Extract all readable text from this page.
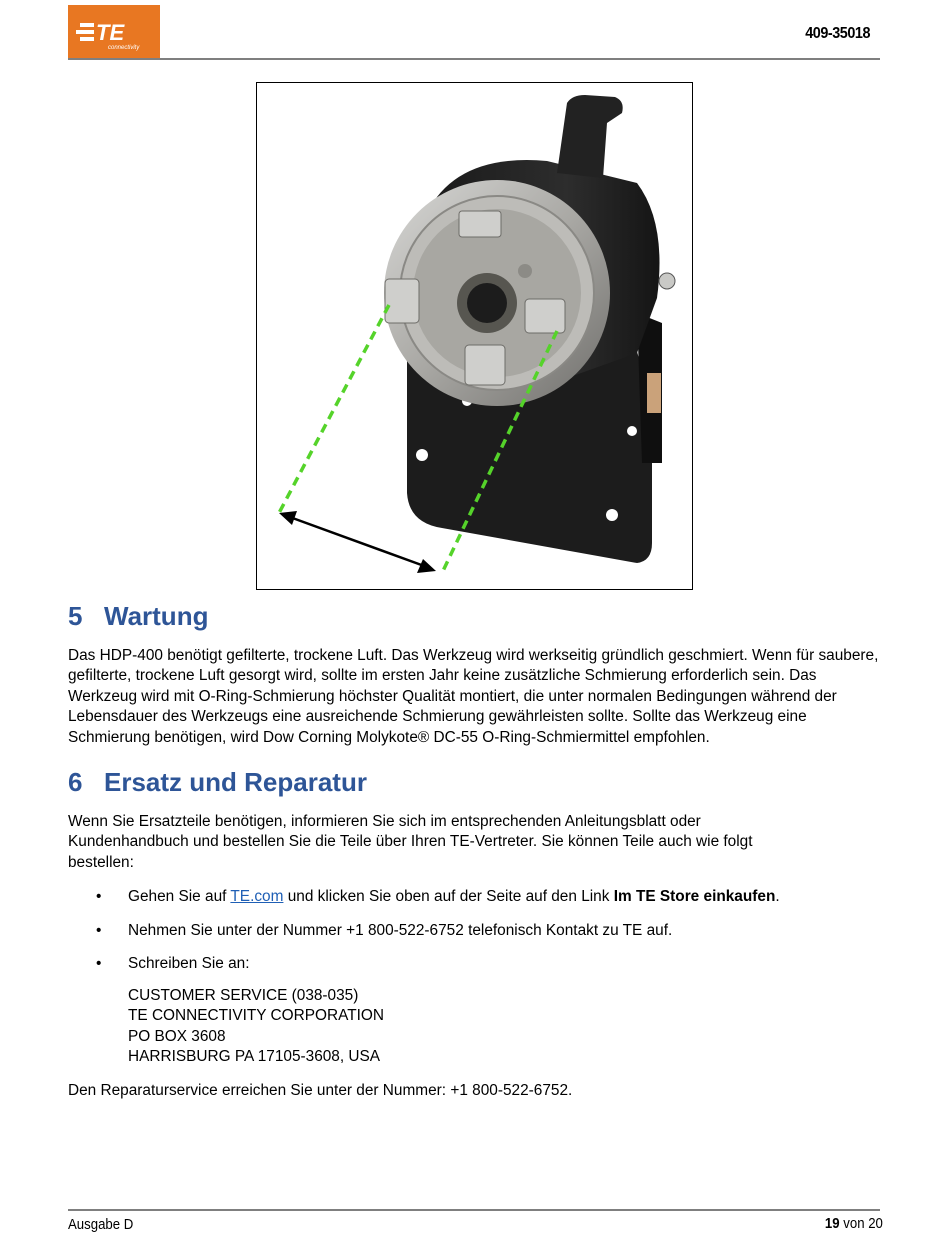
TE
connectivity
409-35018
5 Wartung
Das HDP-400 benötigt gefilterte, trockene Luft. Das Werkzeug wird werkseitig gründlich geschmiert. Wenn für saubere, gefilterte, trockene Luft gesorgt wird, sollte im ersten Jahr keine zusätzliche Schmierung erforderlich sein. Das Werkzeug wird mit O-Ring-Schmierung höchster Qualität montiert, die unter normalen Bedingungen während der Lebensdauer des Werkzeugs eine ausreichende Schmierung gewährleisten sollte. Sollte das Werkzeug eine Schmierung benötigen, wird Dow Corning Molykote® DC-55 O-Ring-Schmiermittel empfohlen.
6 Ersatz und Reparatur
Wenn Sie Ersatzteile benötigen, informieren Sie sich im entsprechenden Anleitungsblatt oder
Kundenhandbuch und bestellen Sie die Teile über Ihren TE-Vertreter. Sie können Teile auch wie folgt
bestellen:
• Gehen Sie auf TE.com und klicken Sie oben auf der Seite auf den Link Im TE Store einkaufen.
• Nehmen Sie unter der Nummer +1 800-522-6752 telefonisch Kontakt zu TE auf.
• Schreiben Sie an:
CUSTOMER SERVICE (038-035)
TE CONNECTIVITY CORPORATION
PO BOX 3608
HARRISBURG PA 17105-3608, USA
Den Reparaturservice erreichen Sie unter der Nummer: +1 800-522-6752.
Ausgabe D	19 von 20
